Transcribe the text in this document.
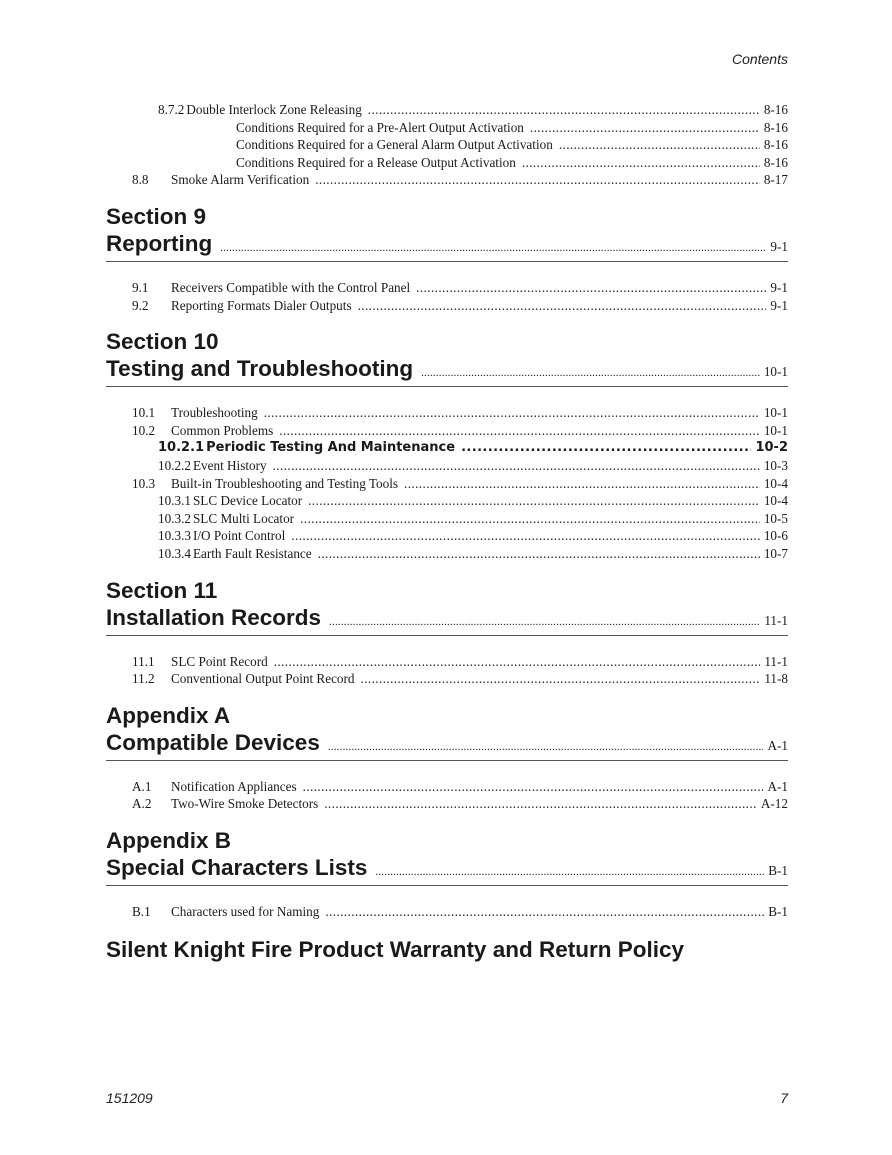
Contents
8.7.2 Double Interlock Zone Releasing .....	8-16
Conditions Required for a Pre-Alert Output Activation .....	8-16
Conditions Required for a General Alarm Output Activation .....	8-16
Conditions Required for a Release Output Activation .....	8-16
8.8	Smoke Alarm Verification .....	8-17
Section 9
Reporting .....	9-1
9.1	Receivers Compatible with the Control Panel .....	9-1
9.2	Reporting Formats Dialer Outputs .....	9-1
Section 10
Testing and Troubleshooting .....	10-1
10.1	Troubleshooting .....	10-1
10.2	Common Problems .....	10-1
10.2.1 Periodic Testing And Maintenance .....	10-2
10.2.2 Event History .....	10-3
10.3	Built-in Troubleshooting and Testing Tools .....	10-4
10.3.1 SLC Device Locator .....	10-4
10.3.2 SLC Multi Locator .....	10-5
10.3.3 I/O Point Control .....	10-6
10.3.4 Earth Fault Resistance .....	10-7
Section 11
Installation Records .....	11-1
11.1	SLC Point Record .....	11-1
11.2	Conventional Output Point Record .....	11-8
Appendix A
Compatible Devices .....	A-1
A.1	Notification Appliances .....	A-1
A.2	Two-Wire Smoke Detectors .....	A-12
Appendix B
Special Characters Lists .....	B-1
B.1	Characters used for Naming .....	B-1
Silent Knight Fire Product Warranty and Return Policy
151209	7
